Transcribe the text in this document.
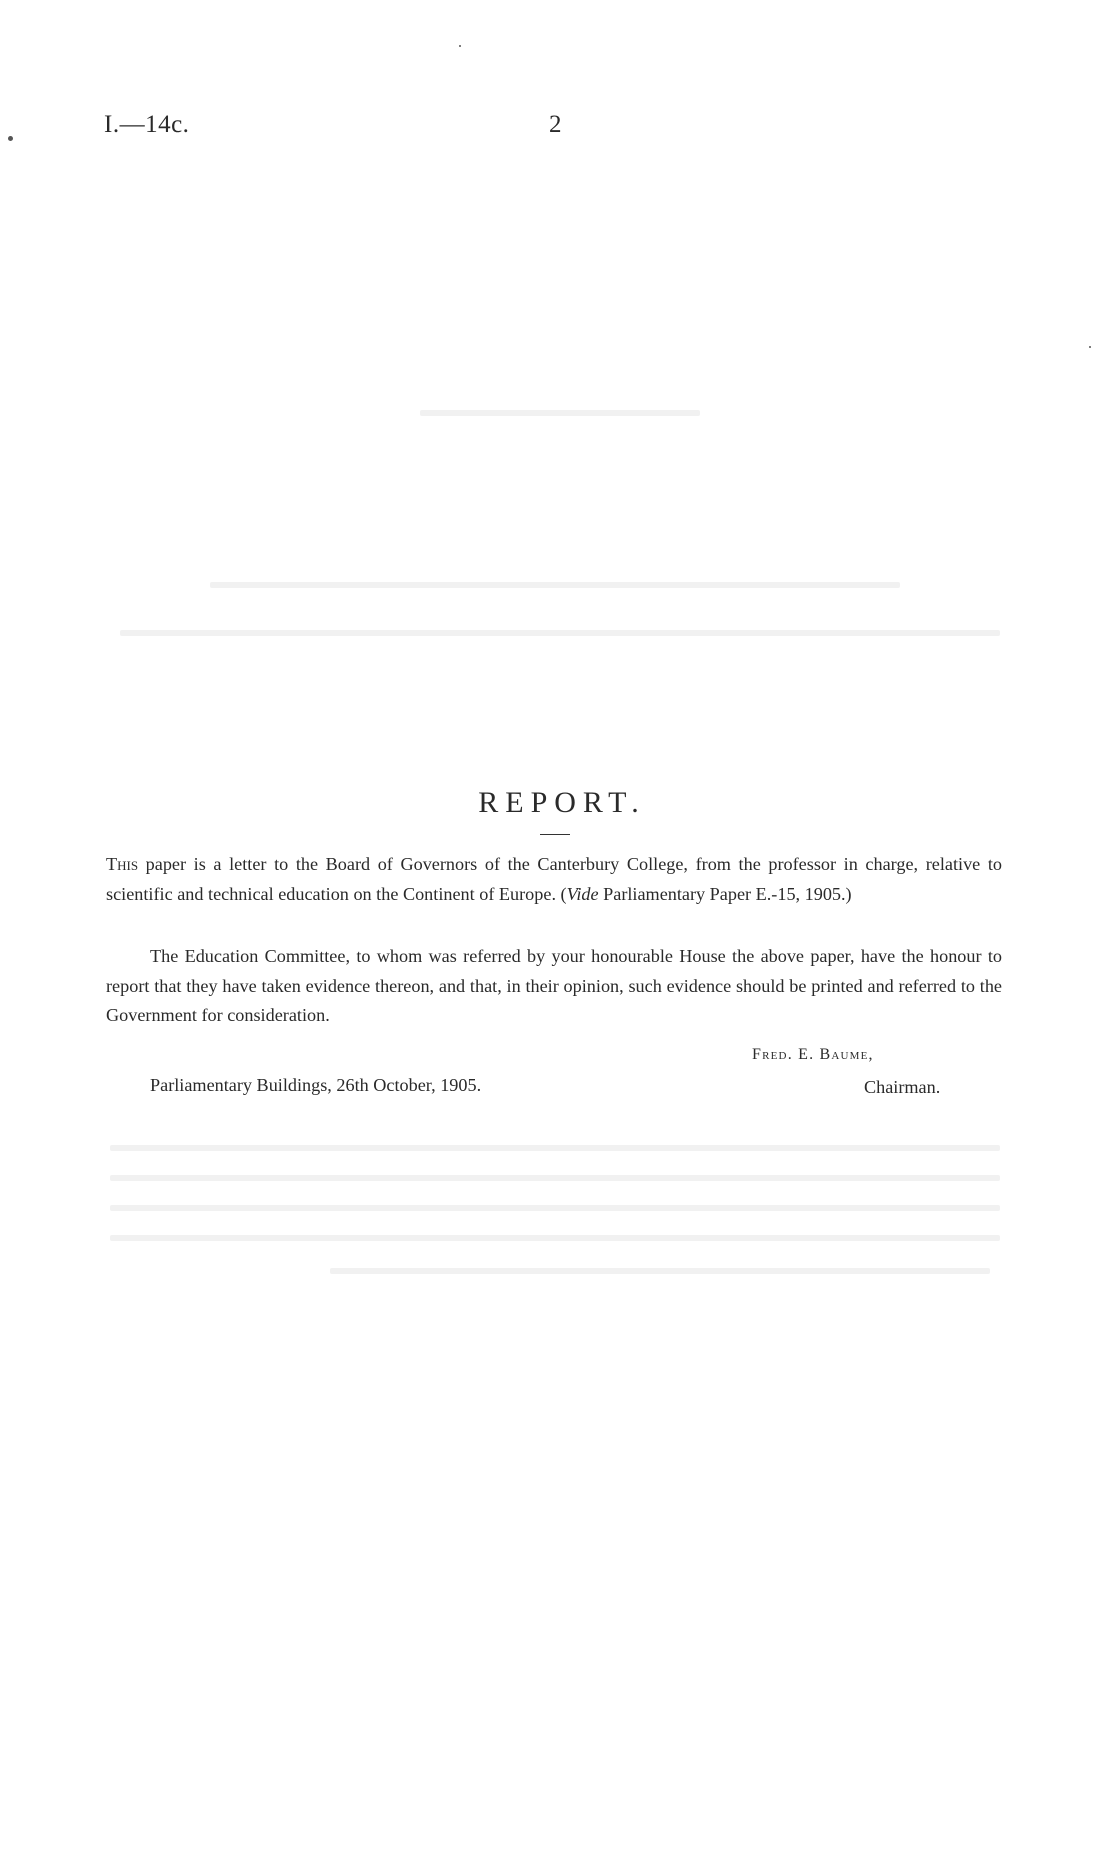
I.—14c.	2
REPORT.
This paper is a letter to the Board of Governors of the Canterbury College, from the professor in charge, relative to scientific and technical education on the Continent of Europe. (Vide Parliamentary Paper E.-15, 1905.)
The Education Committee, to whom was referred by your honourable House the above paper, have the honour to report that they have taken evidence thereon, and that, in their opinion, such evidence should be printed and referred to the Government for consideration.
Fred. E. Baume,
Parliamentary Buildings, 26th October, 1905.	Chairman.
